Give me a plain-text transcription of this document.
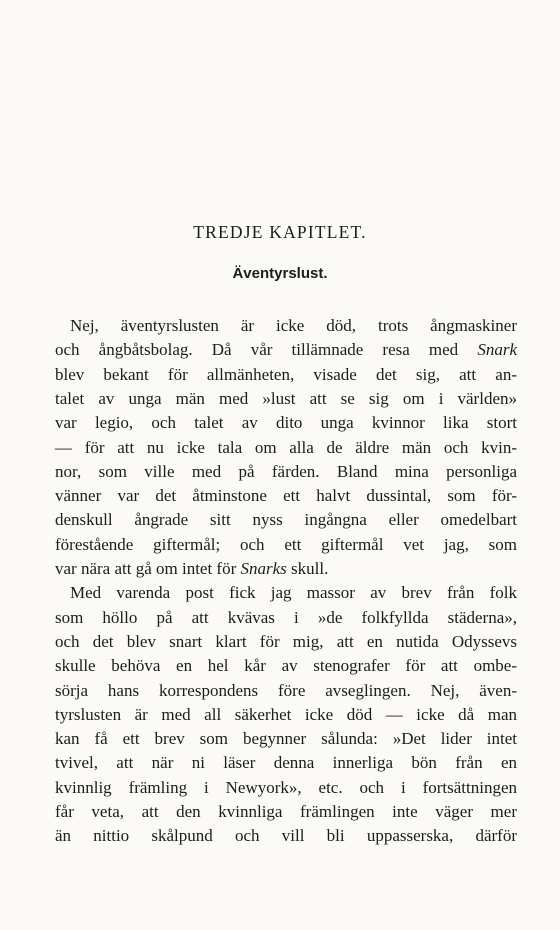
TREDJE KAPITLET.
Äventyrslust.
Nej, äventyrslusten är icke död, trots ångmaskiner
och ångbåtsbolag. Då vår tillämnade resa med Snark
blev bekant för allmänheten, visade det sig, att an-
talet av unga män med »lust att se sig om i världen»
var legio, och talet av dito unga kvinnor lika stort
— för att nu icke tala om alla de äldre män och kvin-
nor, som ville med på färden. Bland mina personliga
vänner var det åtminstone ett halvt dussintal, som för-
denskull ångrade sitt nyss ingångna eller omedelbart
förestående giftermål; och ett giftermål vet jag, som
var nära att gå om intet för Snarks skull.
Med varenda post fick jag massor av brev från folk
som höllo på att kvävas i »de folkfyllda städerna»,
och det blev snart klart för mig, att en nutida Odyssevs
skulle behöva en hel kår av stenografer för att ombe-
sörja hans korrespondens före avseglingen. Nej, även-
tyrslusten är med all säkerhet icke död — icke då man
kan få ett brev som begynner sålunda: »Det lider intet
tvivel, att när ni läser denna innerliga bön från en
kvinnlig främling i Newyork», etc. och i fortsättningen
får veta, att den kvinnliga främlingen inte väger mer
än nittio skålpund och vill bli uppasserska, därför
